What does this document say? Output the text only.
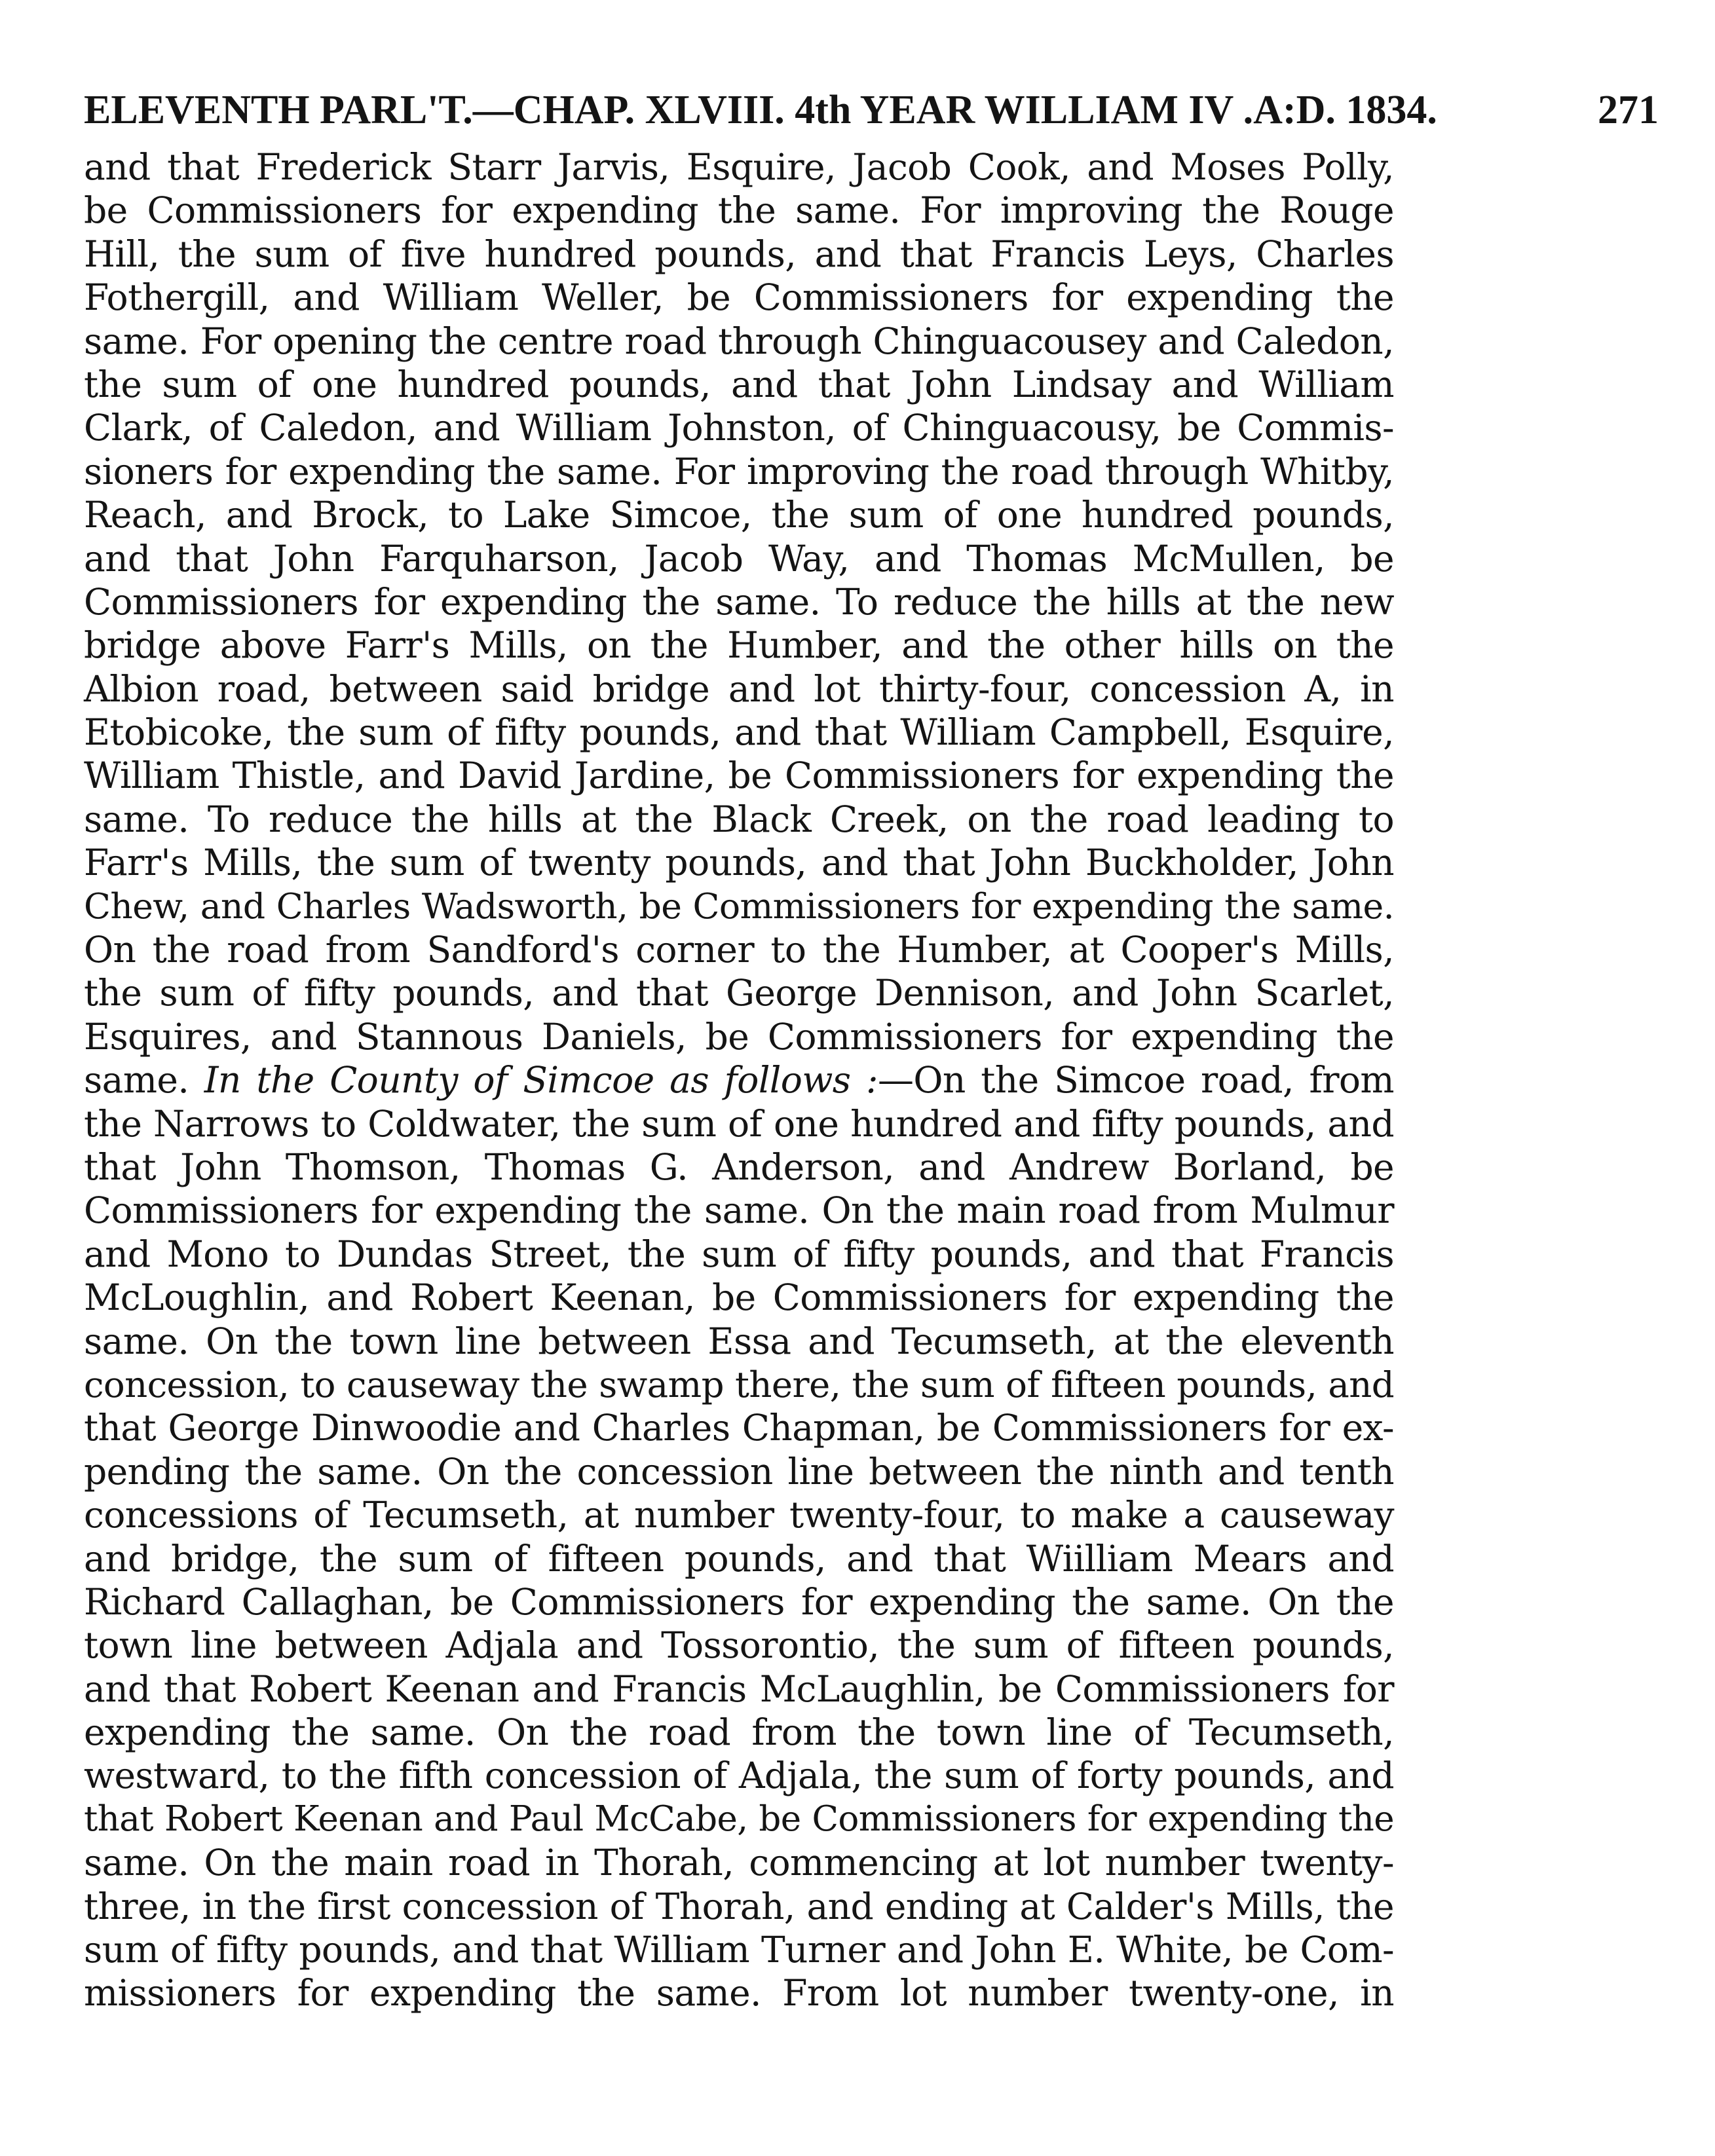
ELEVENTH PARL'T.—CHAP. XLVIII. 4th YEAR WILLIAM IV .A:D. 1834.	271
and that Frederick Starr Jarvis, Esquire, Jacob Cook, and Moses Polly,
be Commissioners for expending the same. For improving the Rouge
Hill, the sum of five hundred pounds, and that Francis Leys, Charles
Fothergill, and William Weller, be Commissioners for expending the
same. For opening the centre road through Chinguacousey and Caledon,
the sum of one hundred pounds, and that John Lindsay and William
Clark, of Caledon, and William Johnston, of Chinguacousy, be Commis-
sioners for expending the same. For improving the road through Whitby,
Reach, and Brock, to Lake Simcoe, the sum of one hundred pounds,
and that John Farquharson, Jacob Way, and Thomas McMullen, be
Commissioners for expending the same. To reduce the hills at the new
bridge above Farr's Mills, on the Humber, and the other hills on the
Albion road, between said bridge and lot thirty-four, concession A, in
Etobicoke, the sum of fifty pounds, and that William Campbell, Esquire,
William Thistle, and David Jardine, be Commissioners for expending the
same. To reduce the hills at the Black Creek, on the road leading to
Farr's Mills, the sum of twenty pounds, and that John Buckholder, John
Chew, and Charles Wadsworth, be Commissioners for expending the same.
On the road from Sandford's corner to the Humber, at Cooper's Mills,
the sum of fifty pounds, and that George Dennison, and John Scarlet,
Esquires, and Stannous Daniels, be Commissioners for expending the
same. In the County of Simcoe as follows :—On the Simcoe road, from
the Narrows to Coldwater, the sum of one hundred and fifty pounds, and
that John Thomson, Thomas G. Anderson, and Andrew Borland, be
Commissioners for expending the same. On the main road from Mulmur
and Mono to Dundas Street, the sum of fifty pounds, and that Francis
McLoughlin, and Robert Keenan, be Commissioners for expending the
same. On the town line between Essa and Tecumseth, at the eleventh
concession, to causeway the swamp there, the sum of fifteen pounds, and
that George Dinwoodie and Charles Chapman, be Commissioners for ex-
pending the same. On the concession line between the ninth and tenth
concessions of Tecumseth, at number twenty-four, to make a causeway
and bridge, the sum of fifteen pounds, and that Wiilliam Mears and
Richard Callaghan, be Commissioners for expending the same. On the
town line between Adjala and Tossorontio, the sum of fifteen pounds,
and that Robert Keenan and Francis McLaughlin, be Commissioners for
expending the same. On the road from the town line of Tecumseth,
westward, to the fifth concession of Adjala, the sum of forty pounds, and
that Robert Keenan and Paul McCabe, be Commissioners for expending the
same. On the main road in Thorah, commencing at lot number twenty-
three, in the first concession of Thorah, and ending at Calder's Mills, the
sum of fifty pounds, and that William Turner and John E. White, be Com-
missioners for expending the same. From lot number twenty-one, in
